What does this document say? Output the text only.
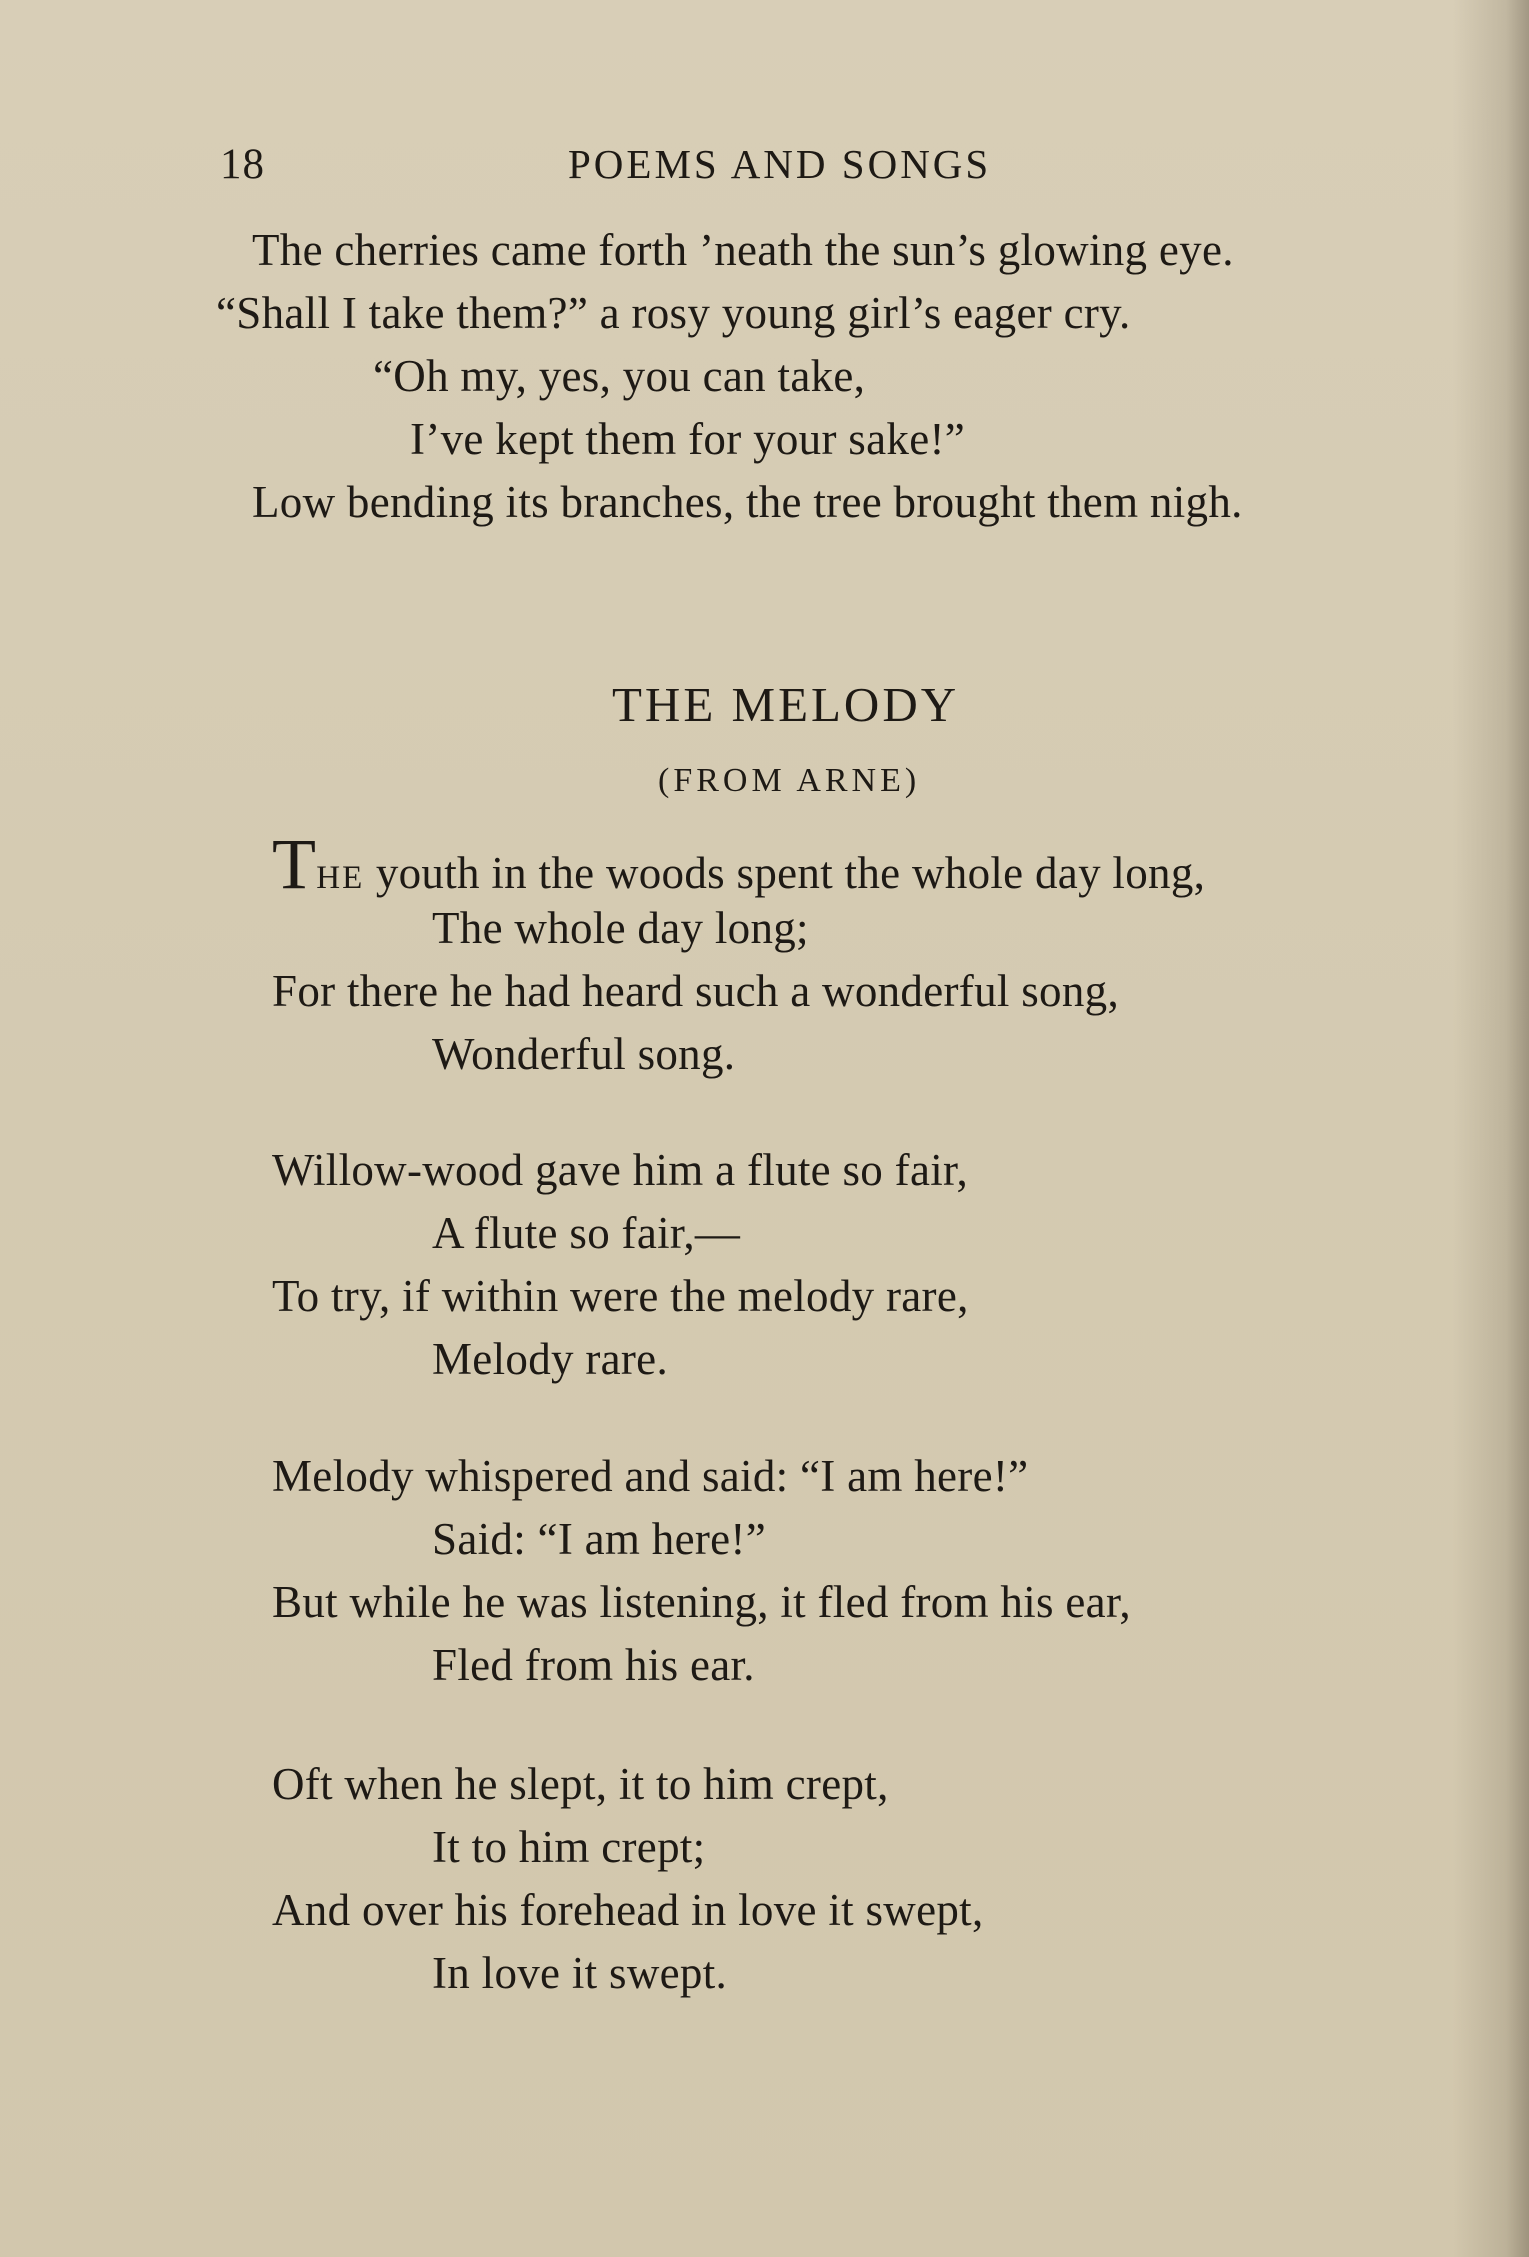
18	POEMS AND SONGS
The cherries came forth ’neath the sun’s glowing eye.
“Shall I take them?” a rosy young girl’s eager cry.
“Oh my, yes, you can take,
I’ve kept them for your sake!”
Low bending its branches, the tree brought them nigh.
THE MELODY
(FROM ARNE)
THE youth in the woods spent the whole day long,
The whole day long;
For there he had heard such a wonderful song,
Wonderful song.
Willow-wood gave him a flute so fair,
A flute so fair,—
To try, if within were the melody rare,
Melody rare.
Melody whispered and said: “I am here!”
Said: “I am here!”
But while he was listening, it fled from his ear,
Fled from his ear.
Oft when he slept, it to him crept,
It to him crept;
And over his forehead in love it swept,
In love it swept.
